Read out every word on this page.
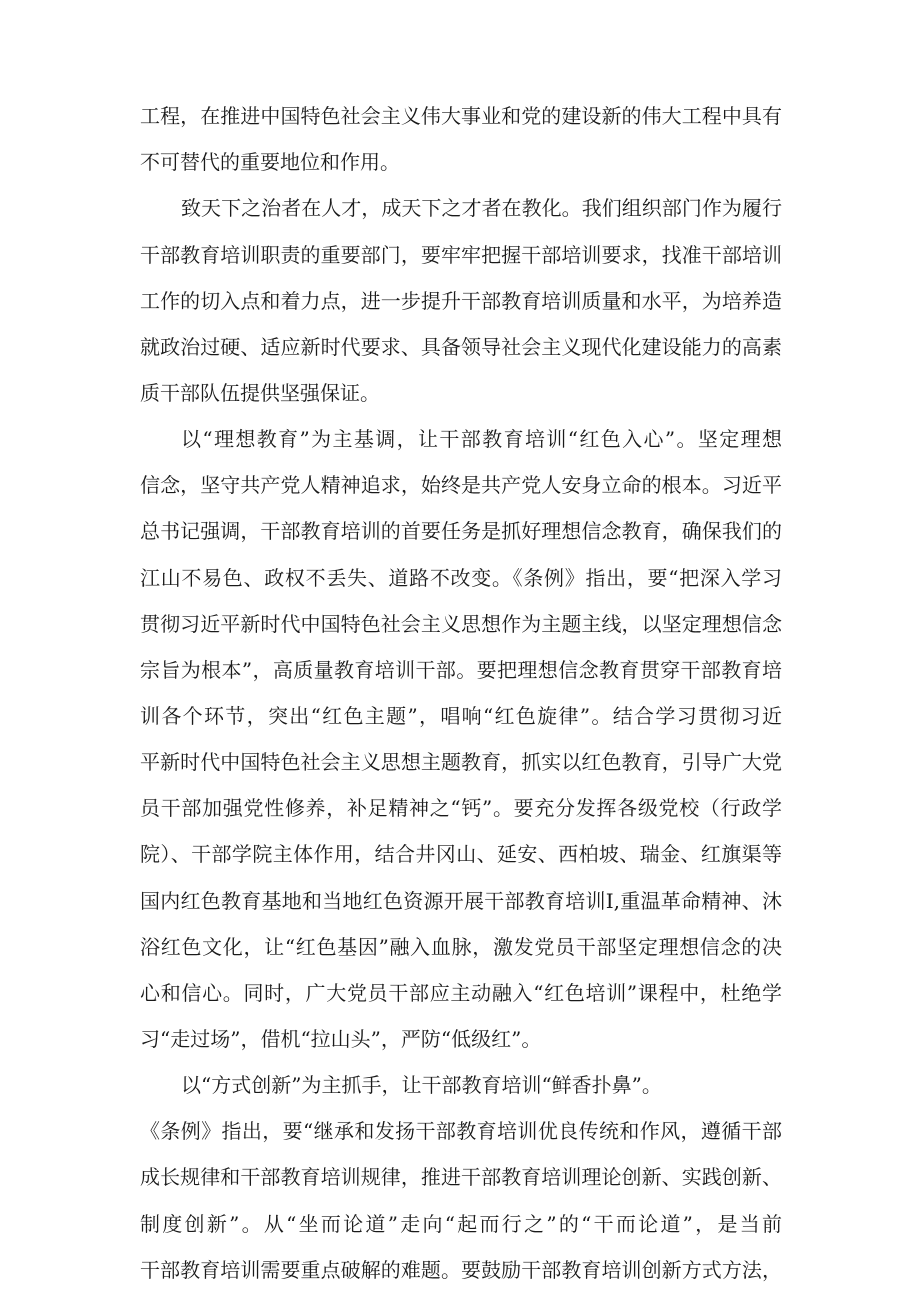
工程，在推进中国特色社会主义伟大事业和党的建设新的伟大工程中具有
不可替代的重要地位和作用。
致天下之治者在人才，成天下之才者在教化。我们组织部门作为履行
干部教育培训职责的重要部门，要牢牢把握干部培训要求，找准干部培训
工作的切入点和着力点，进一步提升干部教育培训质量和水平，为培养造
就政治过硬、适应新时代要求、具备领导社会主义现代化建设能力的高素
质干部队伍提供坚强保证。
以“理想教育”为主基调，让干部教育培训“红色入心”。坚定理想
信念，坚守共产党人精神追求，始终是共产党人安身立命的根本。习近平
总书记强调，干部教育培训的首要任务是抓好理想信念教育，确保我们的
江山不易色、政权不丢失、道路不改变。《条例》指出，要“把深入学习
贯彻习近平新时代中国特色社会主义思想作为主题主线，以坚定理想信念
宗旨为根本”，高质量教育培训干部。要把理想信念教育贯穿干部教育培
训各个环节，突出“红色主题”，唱响“红色旋律”。结合学习贯彻习近
平新时代中国特色社会主义思想主题教育，抓实以红色教育，引导广大党
员干部加强党性修养，补足精神之“钙”。要充分发挥各级党校（行政学
院）、干部学院主体作用，结合井冈山、延安、西柏坡、瑞金、红旗渠等
国内红色教育基地和当地红色资源开展干部教育培训I,重温革命精神、沐
浴红色文化，让“红色基因”融入血脉，激发党员干部坚定理想信念的决
心和信心。同时，广大党员干部应主动融入“红色培训”课程中，杜绝学
习“走过场”，借机“拉山头”，严防“低级红”。
以“方式创新”为主抓手，让干部教育培训“鲜香扑鼻”。
《条例》指出，要“继承和发扬干部教育培训优良传统和作风，遵循干部
成长规律和干部教育培训规律，推进干部教育培训理论创新、实践创新、
制度创新”。从“坐而论道”走向“起而行之”的“干而论道”，是当前
干部教育培训需要重点破解的难题。要鼓励干部教育培训创新方式方法，
